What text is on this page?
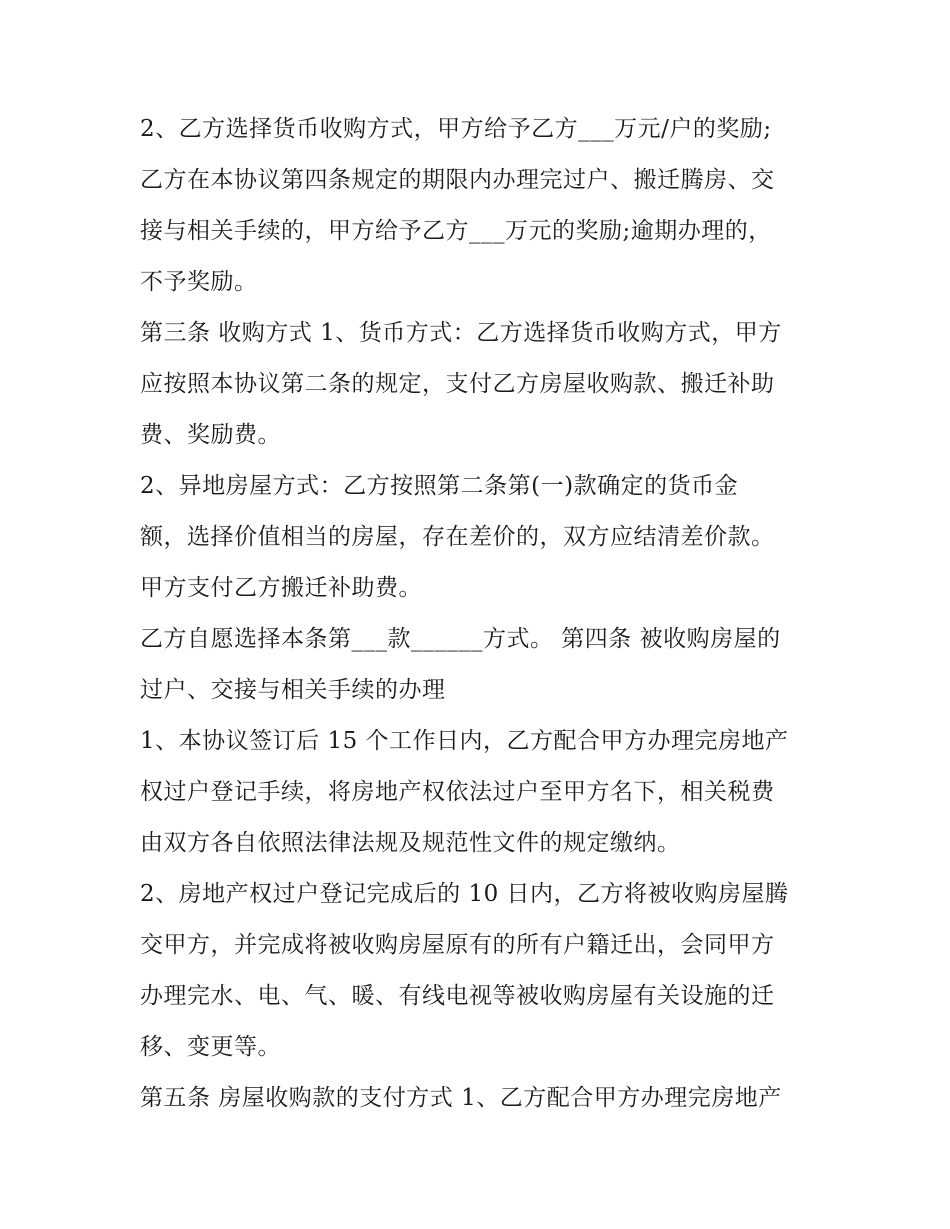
2、乙方选择货币收购方式，甲方给予乙方___万元/户的奖励;
乙方在本协议第四条规定的期限内办理完过户、搬迁腾房、交
接与相关手续的，甲方给予乙方___万元的奖励;逾期办理的，
不予奖励。
第三条 收购方式 1、货币方式：乙方选择货币收购方式，甲方
应按照本协议第二条的规定，支付乙方房屋收购款、搬迁补助
费、奖励费。
2、异地房屋方式：乙方按照第二条第(一)款确定的货币金
额，选择价值相当的房屋，存在差价的，双方应结清差价款。
甲方支付乙方搬迁补助费。
乙方自愿选择本条第___款______方式。 第四条 被收购房屋的
过户、交接与相关手续的办理
1、本协议签订后 15 个工作日内，乙方配合甲方办理完房地产
权过户登记手续，将房地产权依法过户至甲方名下，相关税费
由双方各自依照法律法规及规范性文件的规定缴纳。
2、房地产权过户登记完成后的 10 日内，乙方将被收购房屋腾
交甲方，并完成将被收购房屋原有的所有户籍迁出，会同甲方
办理完水、电、气、暖、有线电视等被收购房屋有关设施的迁
移、变更等。
第五条 房屋收购款的支付方式 1、乙方配合甲方办理完房地产
